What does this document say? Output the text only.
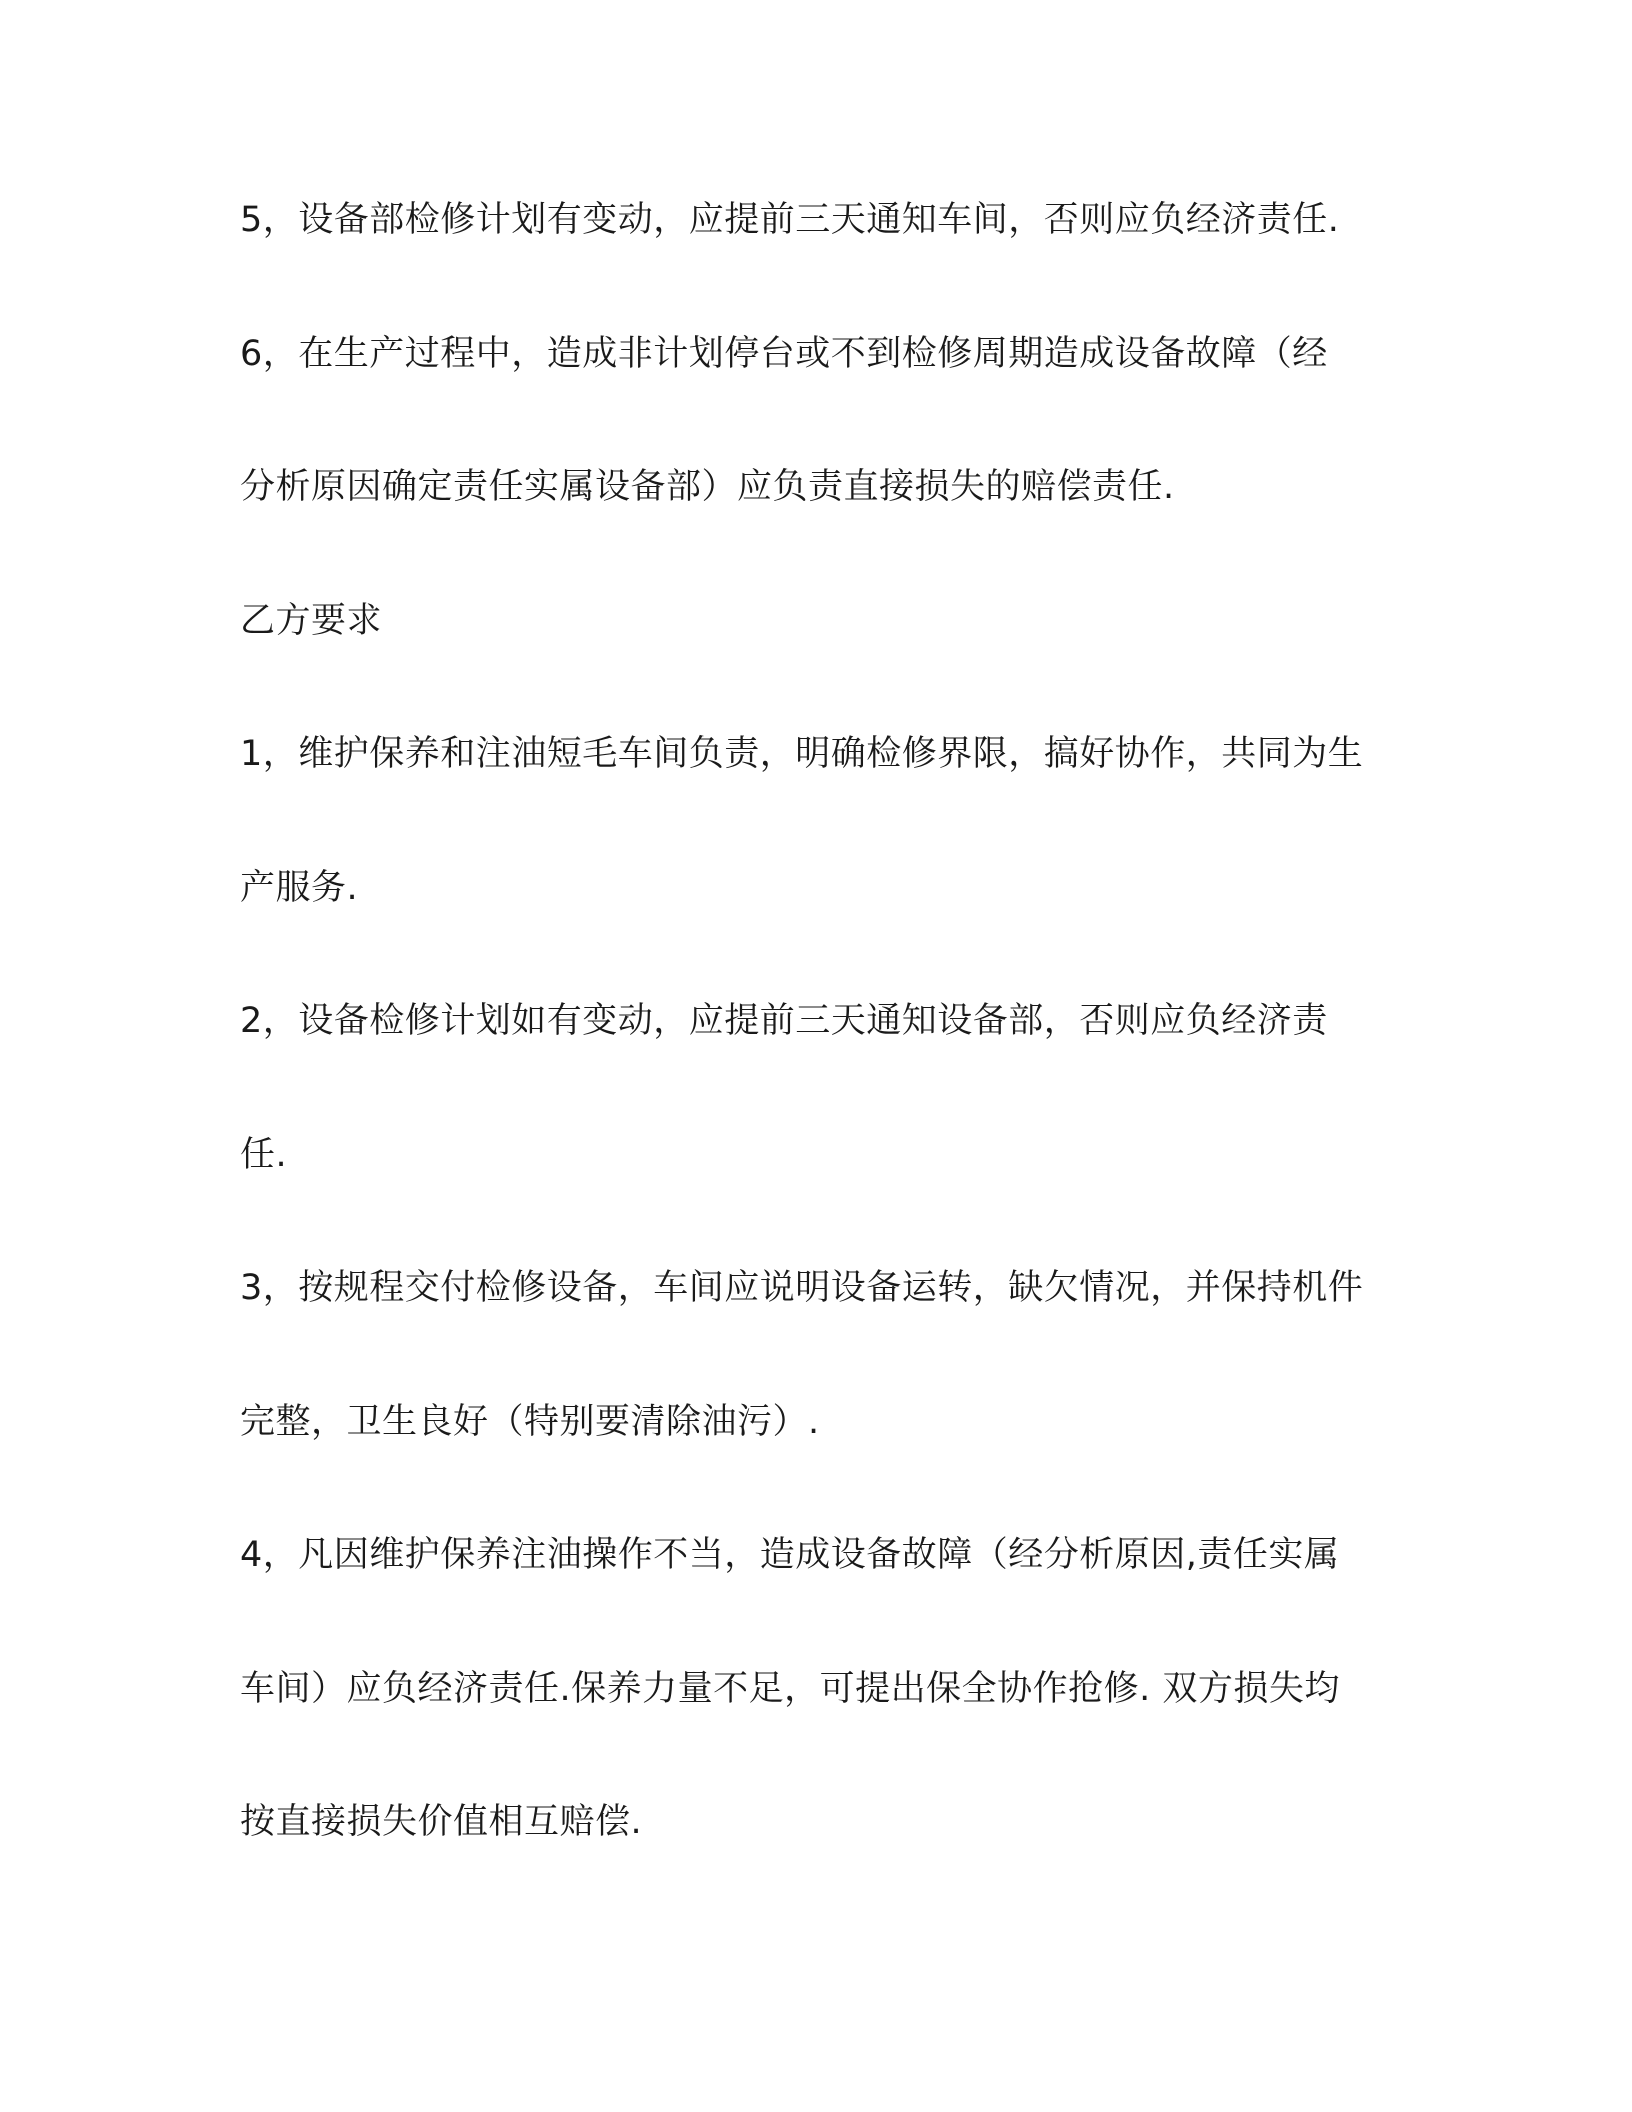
5，设备部检修计划有变动，应提前三天通知车间，否则应负经济责任.
6，在生产过程中，造成非计划停台或不到检修周期造成设备故障（经
分析原因确定责任实属设备部）应负责直接损失的赔偿责任.
乙方要求
1，维护保养和注油短毛车间负责，明确检修界限，搞好协作，共同为生
产服务.
2，设备检修计划如有变动，应提前三天通知设备部，否则应负经济责
任.
3，按规程交付检修设备，车间应说明设备运转，缺欠情况，并保持机件
完整，卫生良好（特别要清除油污）.
4，凡因维护保养注油操作不当，造成设备故障（经分析原因,责任实属
车间）应负经济责任.保养力量不足，可提出保全协作抢修. 双方损失均
按直接损失价值相互赔偿.
